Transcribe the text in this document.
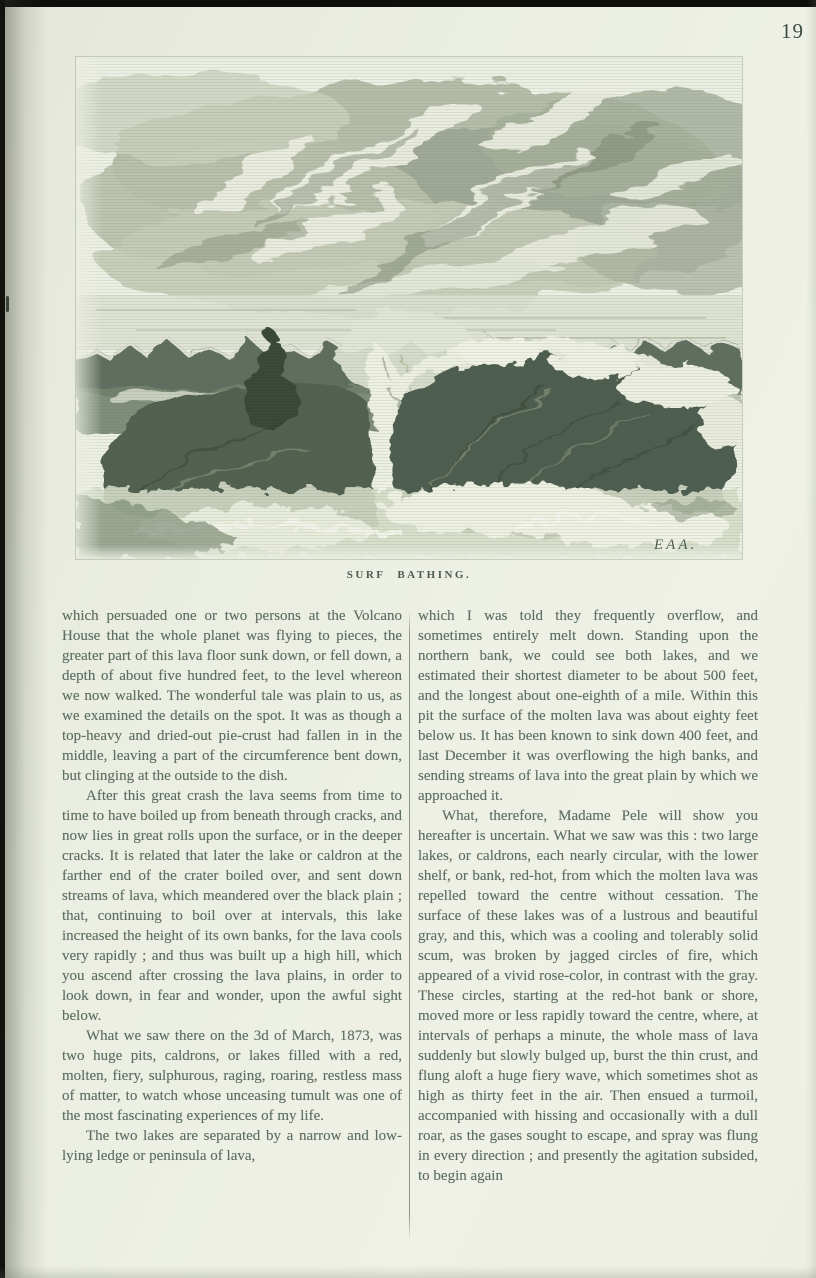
19
EAA.
SURF BATHING.

which persuaded one or two persons at the Volcano House that the whole planet was flying to pieces, the greater part of this lava floor sunk down, or fell down, a depth of about five hundred feet, to the level whereon we now walked. The wonderful tale was plain to us, as we examined the details on the spot. It was as though a top-heavy and dried-out pie-crust had fallen in in the middle, leaving a part of the circumference bent down, but clinging at the outside to the dish.

After this great crash the lava seems from time to time to have boiled up from beneath through cracks, and now lies in great rolls upon the surface, or in the deeper cracks. It is related that later the lake or caldron at the farther end of the crater boiled over, and sent down streams of lava, which meandered over the black plain ; that, continuing to boil over at intervals, this lake increased the height of its own banks, for the lava cools very rapidly ; and thus was built up a high hill, which you ascend after crossing the lava plains, in order to look down, in fear and wonder, upon the awful sight below.

What we saw there on the 3d of March, 1873, was two huge pits, caldrons, or lakes filled with a red, molten, fiery, sulphurous, raging, roaring, restless mass of matter, to watch whose unceasing tumult was one of the most fascinating experiences of my life.

The two lakes are separated by a narrow and low-lying ledge or peninsula of lava,

which I was told they frequently overflow, and sometimes entirely melt down. Standing upon the northern bank, we could see both lakes, and we estimated their shortest diameter to be about 500 feet, and the longest about one-eighth of a mile. Within this pit the surface of the molten lava was about eighty feet below us. It has been known to sink down 400 feet, and last December it was overflowing the high banks, and sending streams of lava into the great plain by which we approached it.

What, therefore, Madame Pele will show you hereafter is uncertain. What we saw was this : two large lakes, or caldrons, each nearly circular, with the lower shelf, or bank, red-hot, from which the molten lava was repelled toward the centre without cessation. The surface of these lakes was of a lustrous and beautiful gray, and this, which was a cooling and tolerably solid scum, was broken by jagged circles of fire, which appeared of a vivid rose-color, in contrast with the gray. These circles, starting at the red-hot bank or shore, moved more or less rapidly toward the centre, where, at intervals of perhaps a minute, the whole mass of lava suddenly but slowly bulged up, burst the thin crust, and flung aloft a huge fiery wave, which sometimes shot as high as thirty feet in the air. Then ensued a turmoil, accompanied with hissing and occasionally with a dull roar, as the gases sought to escape, and spray was flung in every direction ; and presently the agitation subsided, to begin again
